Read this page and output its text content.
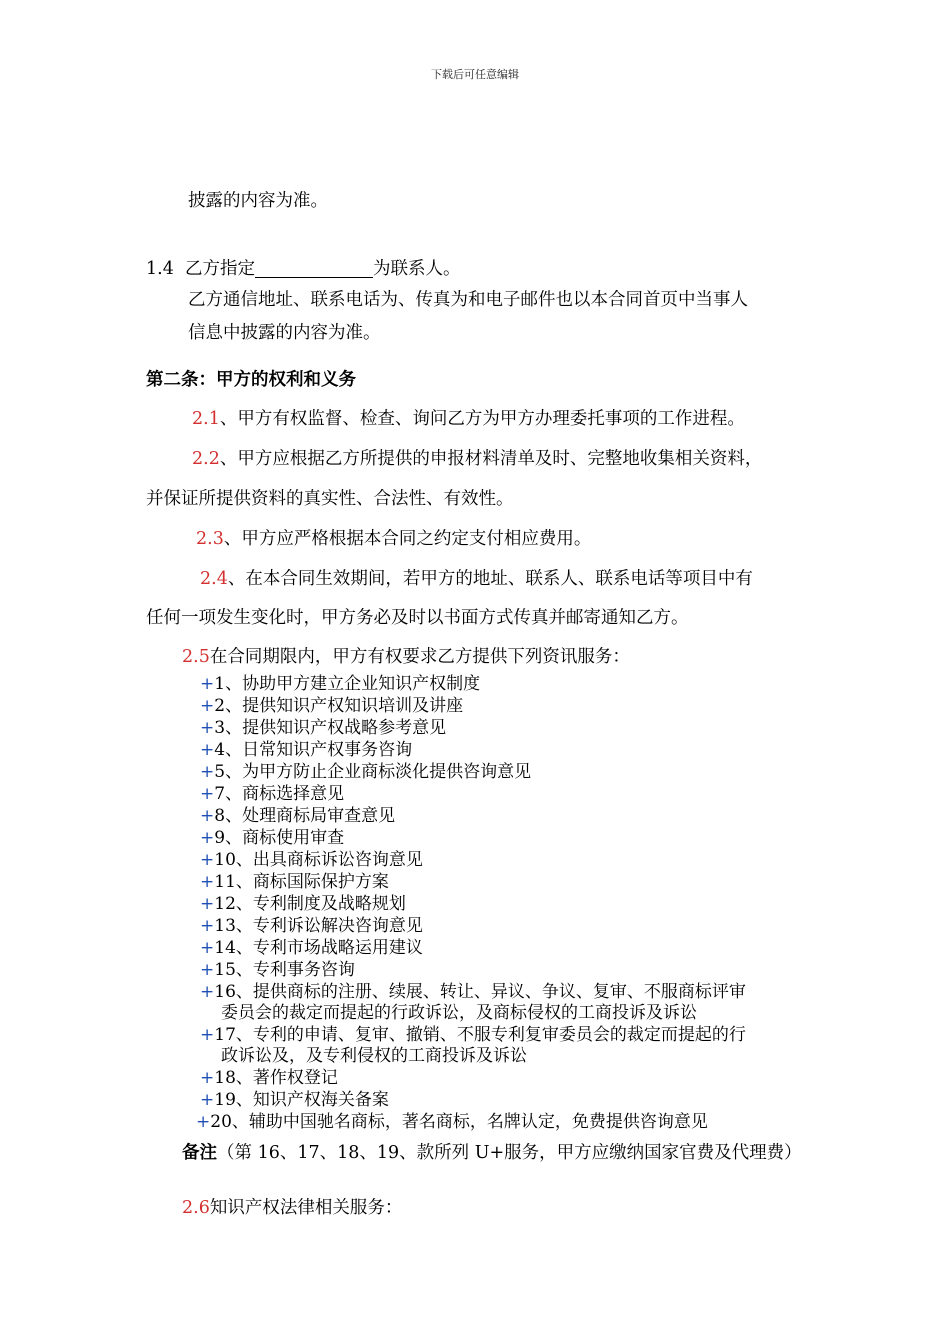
下载后可任意编辑
披露的内容为准。
1.4 乙方指定	为联系人。
乙方通信地址、联系电话为、传真为和电子邮件也以本合同首页中当事人
信息中披露的内容为准。
第二条：甲方的权利和义务
2.1、甲方有权监督、检查、询问乙方为甲方办理委托事项的工作进程。
2.2、甲方应根据乙方所提供的申报材料清单及时、完整地收集相关资料，
并保证所提供资料的真实性、合法性、有效性。
2.3、甲方应严格根据本合同之约定支付相应费用。
2.4、在本合同生效期间，若甲方的地址、联系人、联系电话等项目中有
任何一项发生变化时，甲方务必及时以书面方式传真并邮寄通知乙方。
2.5在合同期限内，甲方有权要求乙方提供下列资讯服务：
+1、协助甲方建立企业知识产权制度
+2、提供知识产权知识培训及讲座
+3、提供知识产权战略参考意见
+4、日常知识产权事务咨询
+5、为甲方防止企业商标淡化提供咨询意见
+7、商标选择意见
+8、处理商标局审查意见
+9、商标使用审查
+10、出具商标诉讼咨询意见
+11、商标国际保护方案
+12、专利制度及战略规划
+13、专利诉讼解决咨询意见
+14、专利市场战略运用建议
+15、专利事务咨询
+16、提供商标的注册、续展、转让、异议、争议、复审、不服商标评审
委员会的裁定而提起的行政诉讼，及商标侵权的工商投诉及诉讼
+17、专利的申请、复审、撤销、不服专利复审委员会的裁定而提起的行
政诉讼及，及专利侵权的工商投诉及诉讼
+18、著作权登记
+19、知识产权海关备案
+20、辅助中国驰名商标，著名商标，名牌认定，免费提供咨询意见
备注（第 16、17、18、19、款所列 U+服务，甲方应缴纳国家官费及代理费）
2.6知识产权法律相关服务：
